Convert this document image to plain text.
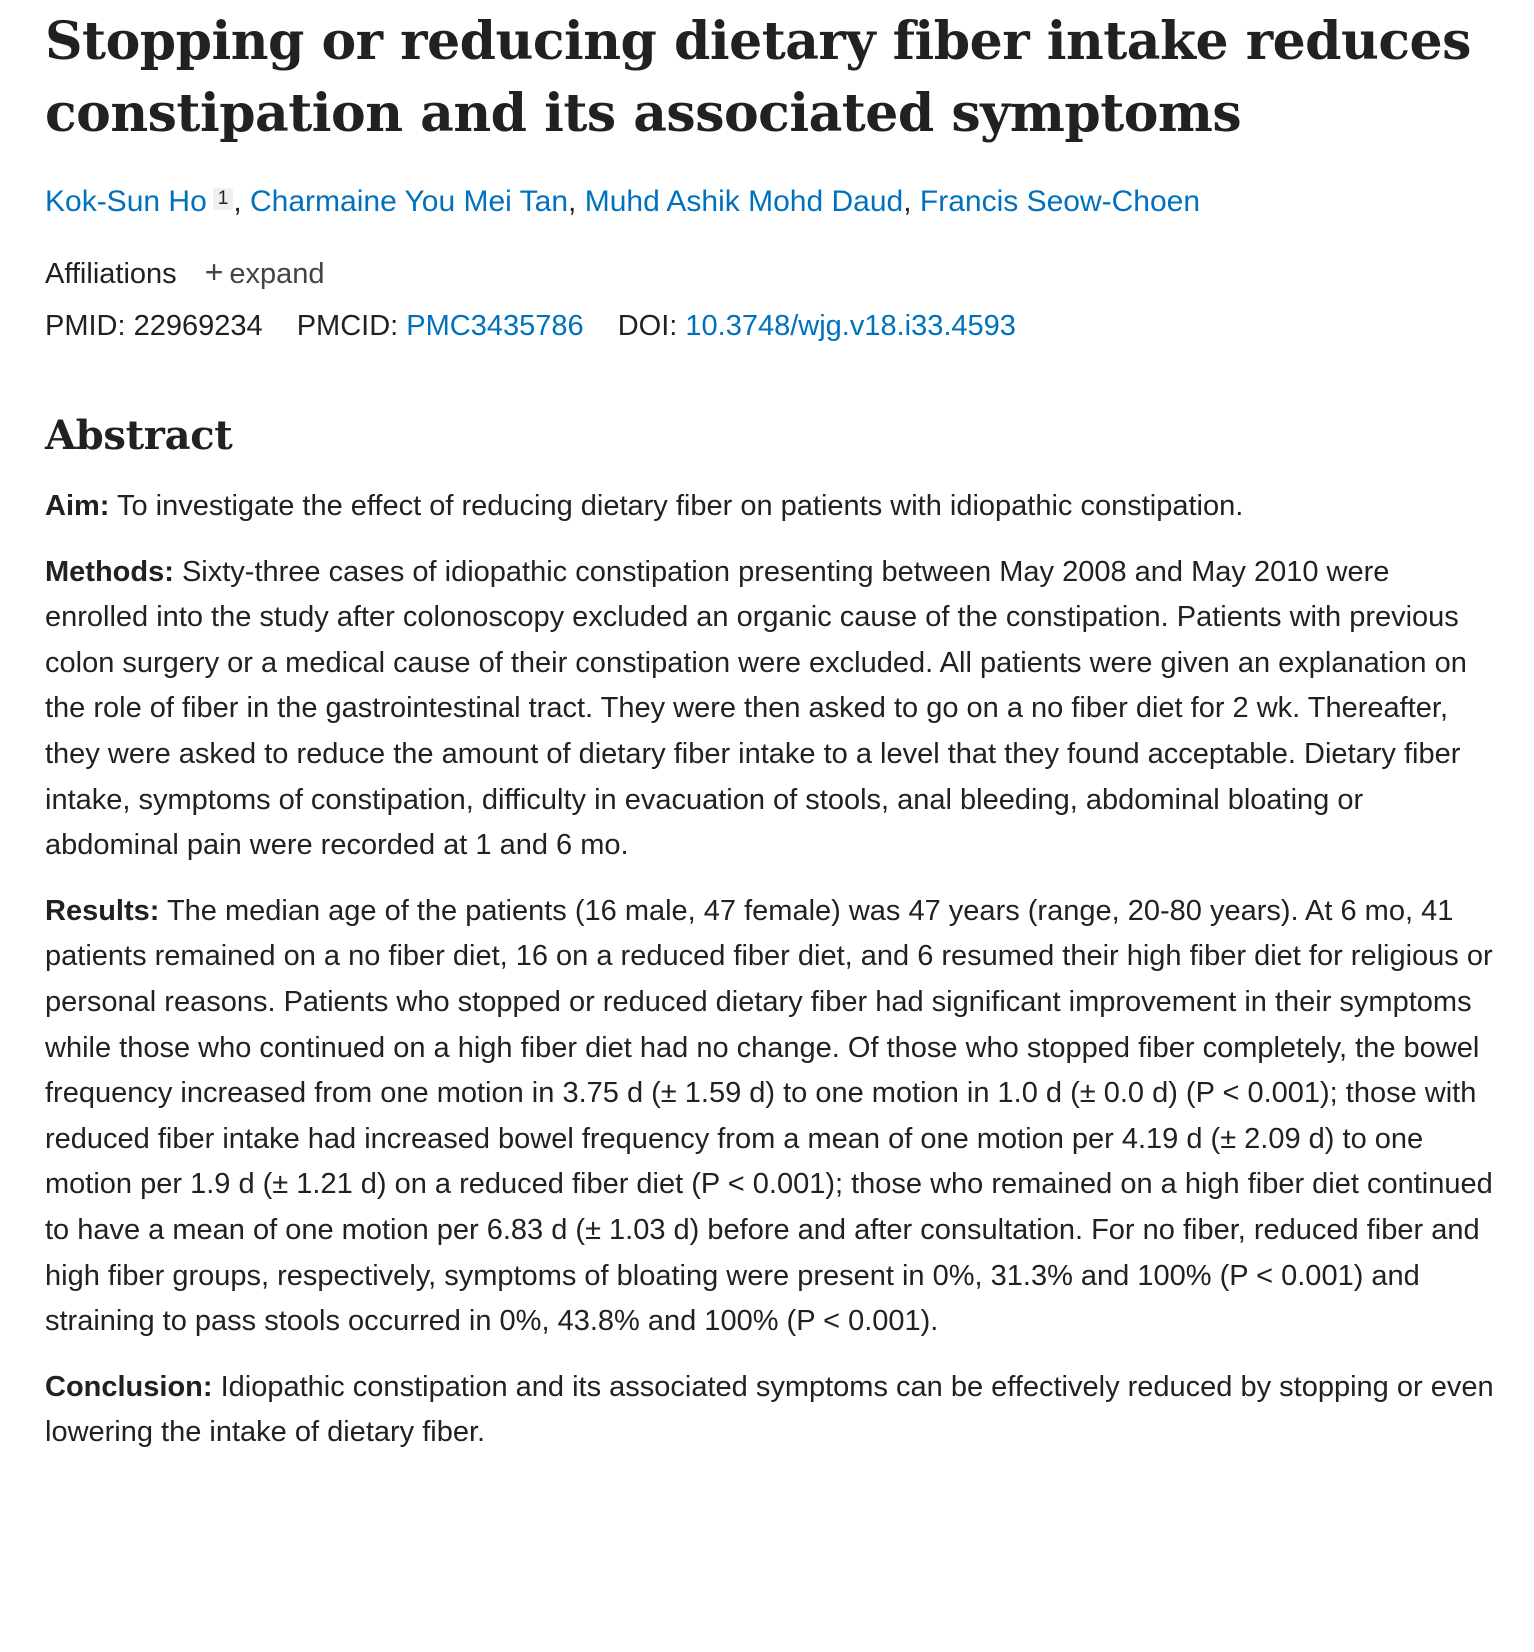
Stopping or reducing dietary fiber intake reduces constipation and its associated symptoms
Kok-Sun Ho 1 , Charmaine You Mei Tan, Muhd Ashik Mohd Daud, Francis Seow-Choen
Affiliations + expand
PMID: 22969234 PMCID: PMC3435786 DOI: 10.3748/wjg.v18.i33.4593
Abstract

Aim: To investigate the effect of reducing dietary fiber on patients with idiopathic constipation.

Methods: Sixty-three cases of idiopathic constipation presenting between May 2008 and May 2010 were enrolled into the study after colonoscopy excluded an organic cause of the constipation. Patients with previous colon surgery or a medical cause of their constipation were excluded. All patients were given an explanation on the role of fiber in the gastrointestinal tract. They were then asked to go on a no fiber diet for 2 wk. Thereafter, they were asked to reduce the amount of dietary fiber intake to a level that they found acceptable. Dietary fiber intake, symptoms of constipation, difficulty in evacuation of stools, anal bleeding, abdominal bloating or abdominal pain were recorded at 1 and 6 mo.

Results: The median age of the patients (16 male, 47 female) was 47 years (range, 20-80 years). At 6 mo, 41 patients remained on a no fiber diet, 16 on a reduced fiber diet, and 6 resumed their high fiber diet for religious or personal reasons. Patients who stopped or reduced dietary fiber had significant improvement in their symptoms while those who continued on a high fiber diet had no change. Of those who stopped fiber completely, the bowel frequency increased from one motion in 3.75 d (± 1.59 d) to one motion in 1.0 d (± 0.0 d) (P < 0.001); those with reduced fiber intake had increased bowel frequency from a mean of one motion per 4.19 d (± 2.09 d) to one motion per 1.9 d (± 1.21 d) on a reduced fiber diet (P < 0.001); those who remained on a high fiber diet continued to have a mean of one motion per 6.83 d (± 1.03 d) before and after consultation. For no fiber, reduced fiber and high fiber groups, respectively, symptoms of bloating were present in 0%, 31.3% and 100% (P < 0.001) and straining to pass stools occurred in 0%, 43.8% and 100% (P < 0.001).

Conclusion: Idiopathic constipation and its associated symptoms can be effectively reduced by stopping or even lowering the intake of dietary fiber.
